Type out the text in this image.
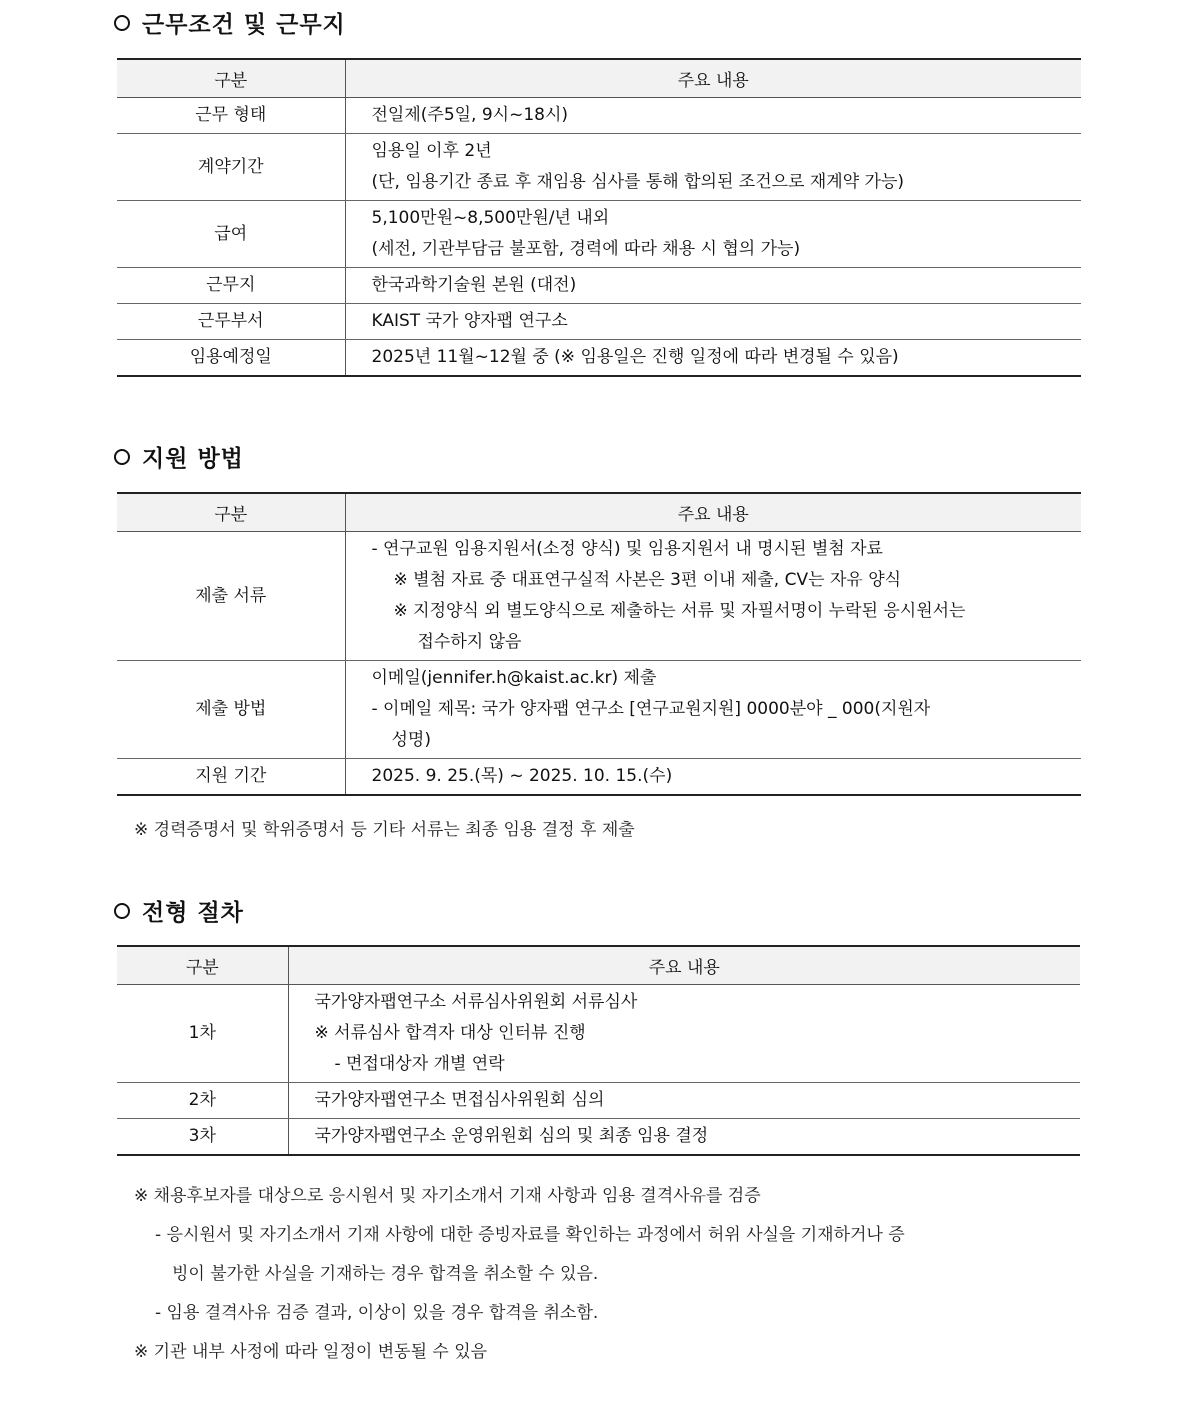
근무조건 및 근무지
구분	주요 내용
근무 형태	전일제(주5일, 9시~18시)

계약기간	임용일 이후 2년
(단, 임용기간 종료 후 재임용 심사를 통해 합의된 조건으로 재계약 가능)

급여	5,100만원~8,500만원/년 내외
(세전, 기관부담금 불포함, 경력에 따라 채용 시 협의 가능)

근무지	한국과학기술원 본원 (대전)

근무부서	KAIST 국가 양자팹 연구소

임용예정일	2025년 11월~12월 중 (※ 임용일은 진행 일정에 따라 변경될 수 있음)
지원 방법
구분	주요 내용
제출 서류	- 연구교원 임용지원서(소정 양식) 및 임용지원서 내 명시된 별첨 자료
※ 별첨 자료 중 대표연구실적 사본은 3편 이내 제출, CV는 자유 양식
※ 지정양식 외 별도양식으로 제출하는 서류 및 자필서명이 누락된 응시원서는
접수하지 않음

제출 방법	이메일(jennifer.h@kaist.ac.kr) 제출
- 이메일 제목: 국가 양자팹 연구소 [연구교원지원] 0000분야 _ 000(지원자
성명)

지원 기간	2025. 9. 25.(목) ~ 2025. 10. 15.(수)
※ 경력증명서 및 학위증명서 등 기타 서류는 최종 임용 결정 후 제출
전형 절차
구분	주요 내용
1차	국가양자팹연구소 서류심사위원회 서류심사
※ 서류심사 합격자 대상 인터뷰 진행
- 면접대상자 개별 연락

2차	국가양자팹연구소 면접심사위원회 심의

3차	국가양자팹연구소 운영위원회 심의 및 최종 임용 결정
※ 채용후보자를 대상으로 응시원서 및 자기소개서 기재 사항과 임용 결격사유를 검증
- 응시원서 및 자기소개서 기재 사항에 대한 증빙자료를 확인하는 과정에서 허위 사실을 기재하거나 증
빙이 불가한 사실을 기재하는 경우 합격을 취소할 수 있음.
- 임용 결격사유 검증 결과, 이상이 있을 경우 합격을 취소함.
※ 기관 내부 사정에 따라 일정이 변동될 수 있음
